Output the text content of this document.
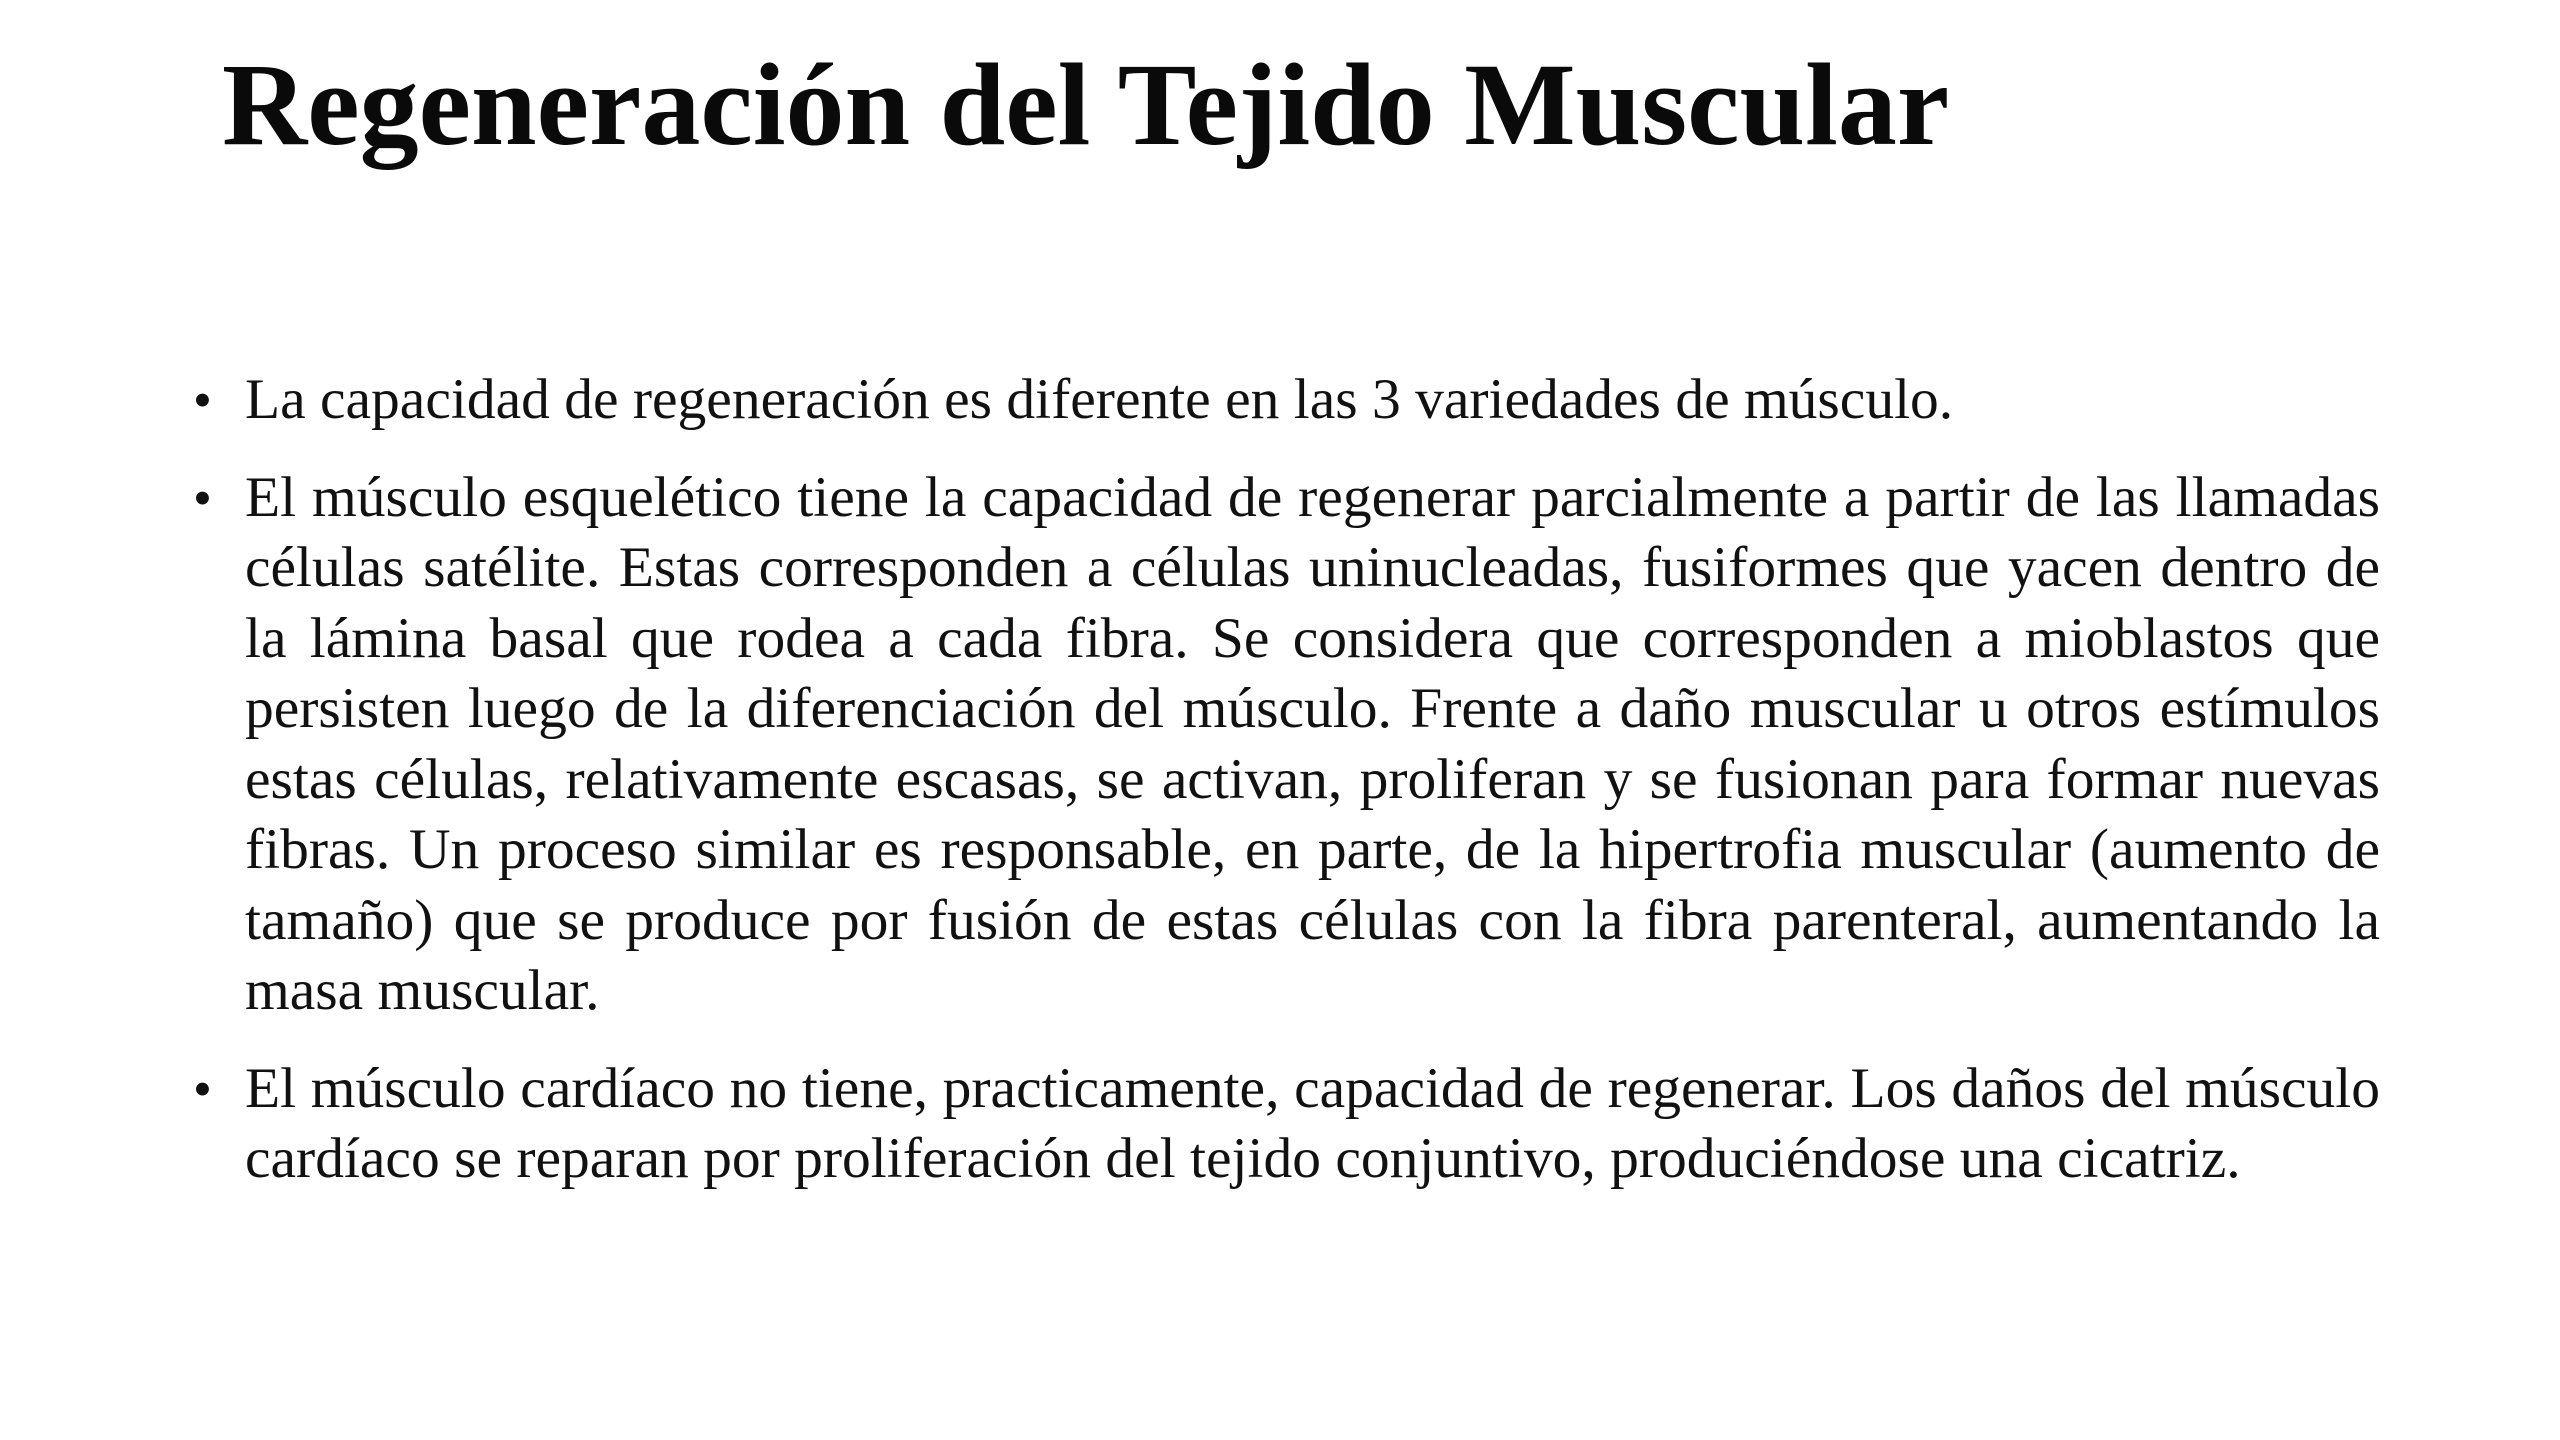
Regeneración del Tejido Muscular
• La capacidad de regeneración es diferente en las 3 variedades de músculo.
• El músculo esquelético tiene la capacidad de regenerar parcialmente a partir de las llamadas células satélite. Estas corresponden a células uninucleadas, fusiformes que yacen dentro de la lámina basal que rodea a cada fibra. Se considera que corresponden a mioblastos que persisten luego de la diferenciación del músculo. Frente a daño muscular u otros estímulos estas células, relativamente escasas, se activan, proliferan y se fusionan para formar nuevas fibras. Un proceso similar es responsable, en parte, de la hipertrofia muscular (aumento de tamaño) que se produce por fusión de estas células con la fibra parenteral, aumentando la masa muscular.
• El músculo cardíaco no tiene, practicamente, capacidad de regenerar. Los daños del músculo cardíaco se reparan por proliferación del tejido conjuntivo, produciéndose una cicatriz.
